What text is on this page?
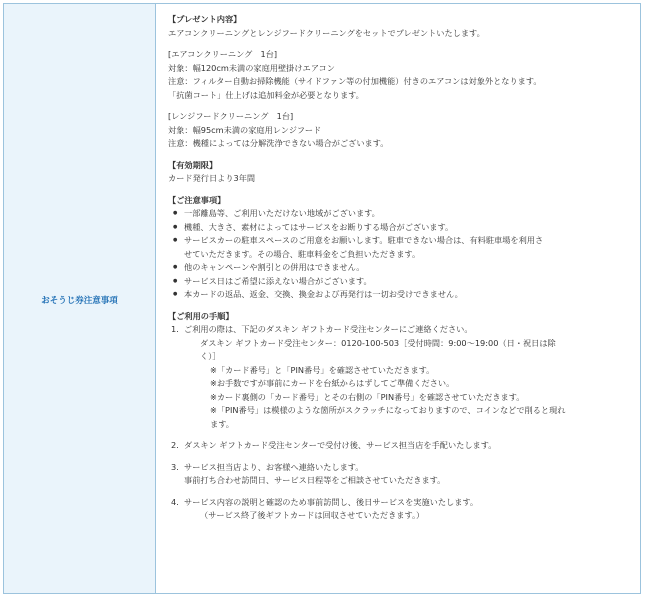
おそうじ券注意事項

【プレゼント内容】

エアコンクリーニングとレンジフードクリーニングをセットでプレゼントいたします。

[エアコンクリーニング　1台]

対象：幅120cm未満の家庭用壁掛けエアコン

注意：フィルター自動お掃除機能（サイドファン等の付加機能）付きのエアコンは対象外となります。

「抗菌コート」仕上げは追加料金が必要となります。

[レンジフードクリーニング　1台]

対象：幅95cm未満の家庭用レンジフード

注意：機種によっては分解洗浄できない場合がございます。

【有効期限】

カード発行日より3年間

【ご注意事項】

● 一部離島等、ご利用いただけない地域がございます。
● 機種、大きさ、素材によってはサービスをお断りする場合がございます。
● サービスカーの駐車スペースのご用意をお願いします。駐車できない場合は、有料駐車場を利用さ
せていただきます。その場合、駐車料金をご負担いただきます。
● 他のキャンペーンや割引との併用はできません。
● サービス日はご希望に添えない場合がございます。
● 本カードの返品、返金、交換、換金および再発行は一切お受けできません。

【ご利用の手順】

1. ご利用の際は、下記のダスキン ギフトカード受注センターにご連絡ください。

ダスキン ギフトカード受注センター：0120-100-503［受付時間：9:00～19:00（日・祝日は除

く）］

※「カード番号」と「PIN番号」を確認させていただきます。

※お手数ですが事前にカードを台紙からはずしてご準備ください。

※カード裏側の「カード番号」とその右側の「PIN番号」を確認させていただきます。

※「PIN番号」は模様のような箇所がスクラッチになっておりますので、コインなどで削ると現れ

ます。

2. ダスキン ギフトカード受注センターで受付け後、サービス担当店を手配いたします。

3. サービス担当店より、お客様へ連絡いたします。

事前打ち合わせ訪問日、サービス日程等をご相談させていただきます。

4. サービス内容の説明と確認のため事前訪問し、後日サービスを実施いたします。

（サービス終了後ギフトカードは回収させていただきます。）
